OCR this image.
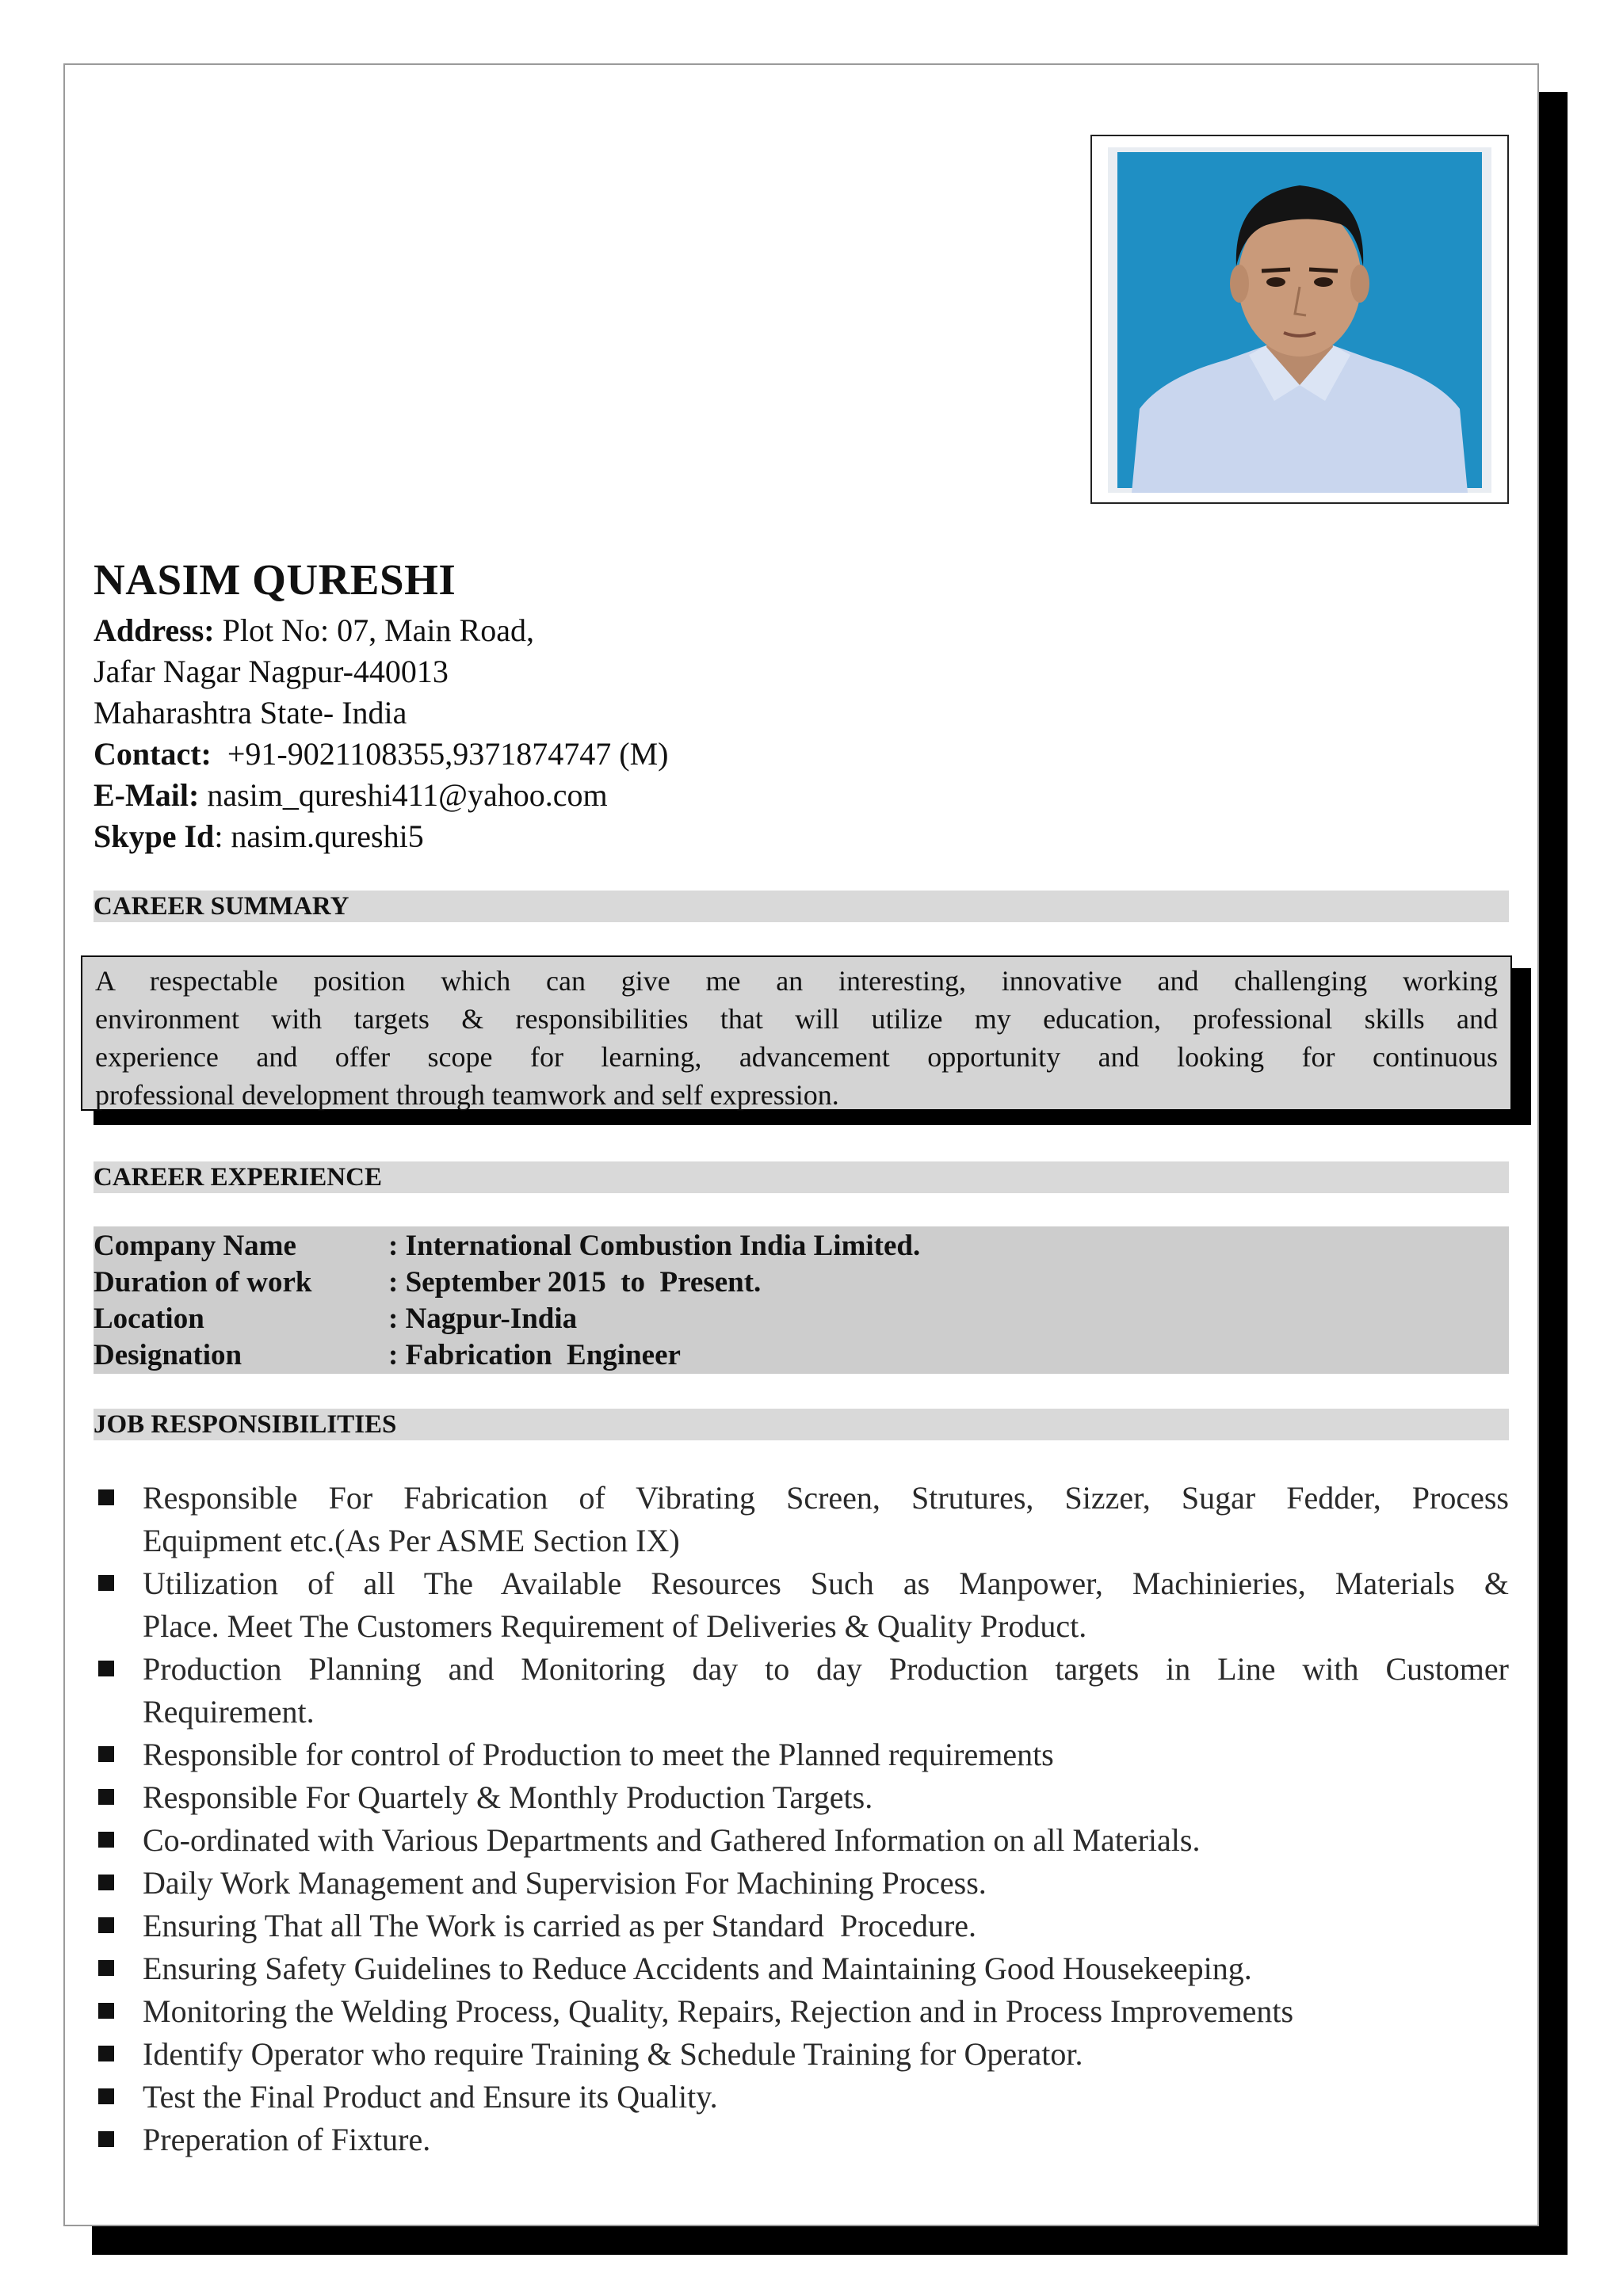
NASIM QURESHI
Address: Plot No: 07, Main Road,
Jafar Nagar Nagpur-440013
Maharashtra State- India
Contact:  +91-9021108355,9371874747 (M)
E-Mail: nasim_qureshi411@yahoo.com
Skype Id: nasim.qureshi5
CAREER SUMMARY
A respectable position which can give me an interesting, innovative and challenging working
environment with targets & responsibilities that will utilize my education, professional skills and
experience and offer scope for learning, advancement opportunity and looking for continuous
professional development through teamwork and self expression.
CAREER EXPERIENCE
Company Name	: International Combustion India Limited.
Duration of work	: September 2015  to  Present.
Location	: Nagpur-India
Designation	: Fabrication  Engineer
JOB RESPONSIBILITIES
Responsible For Fabrication of Vibrating Screen, Strutures, Sizzer, Sugar Fedder, Process
Equipment etc.(As Per ASME Section IX)
Utilization of all The Available Resources Such as Manpower, Machinieries, Materials &
Place. Meet The Customers Requirement of Deliveries & Quality Product.
Production Planning and Monitoring day to day Production targets in Line with Customer
Requirement.
Responsible for control of Production to meet the Planned requirements
Responsible For Quartely & Monthly Production Targets.
Co-ordinated with Various Departments and Gathered Information on all Materials.
Daily Work Management and Supervision For Machining Process.
Ensuring That all The Work is carried as per Standard  Procedure.
Ensuring Safety Guidelines to Reduce Accidents and Maintaining Good Housekeeping.
Monitoring the Welding Process, Quality, Repairs, Rejection and in Process Improvements
Identify Operator who require Training & Schedule Training for Operator.
Test the Final Product and Ensure its Quality.
Preperation of Fixture.
